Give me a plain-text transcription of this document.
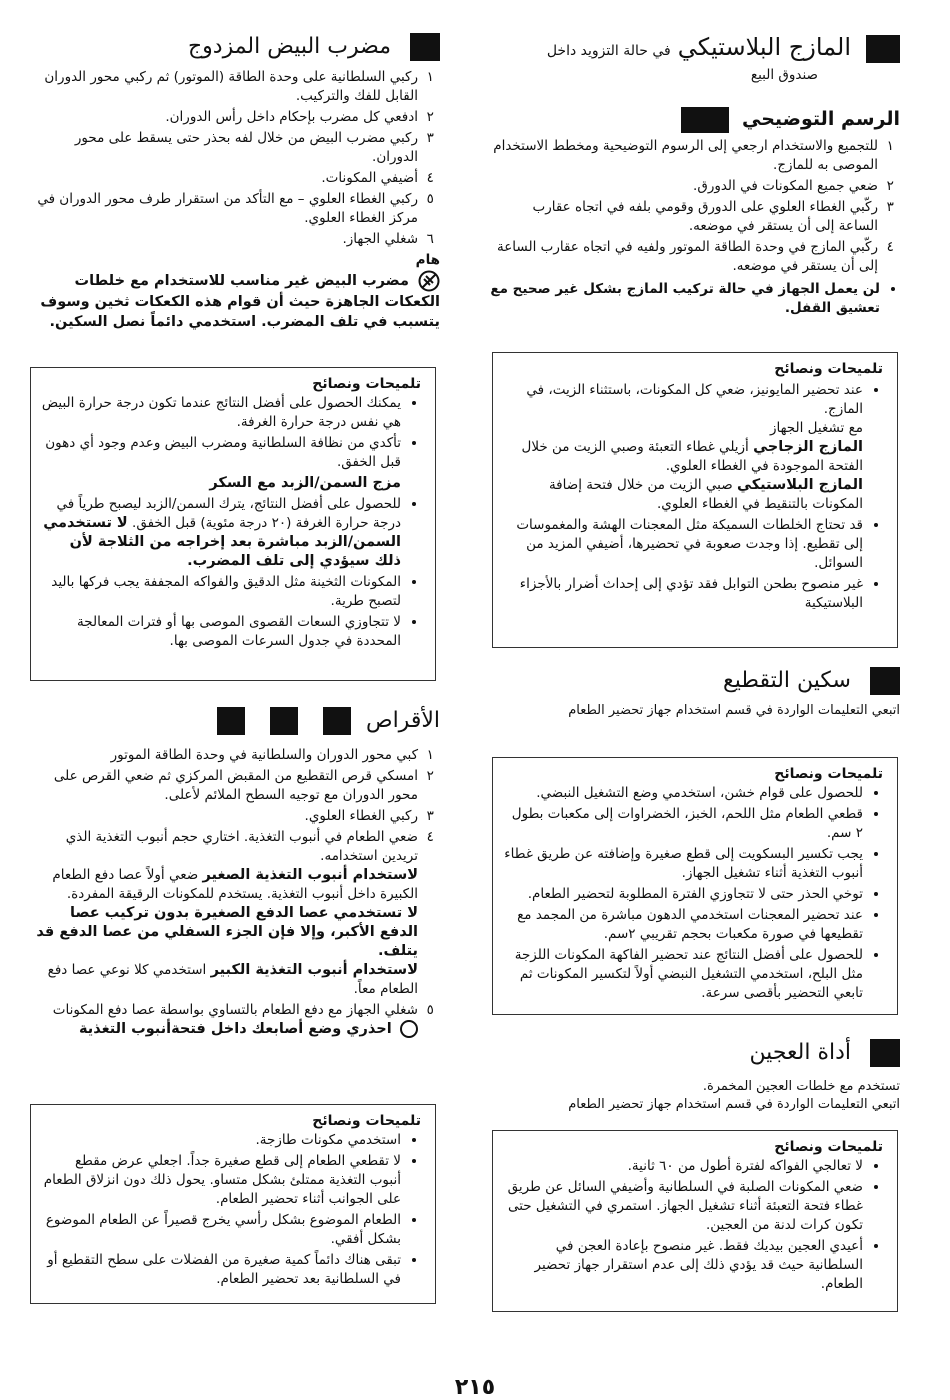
المازج البلاستيكي في حالة التزويد داخل

صندوق البيع

الرسم التوضيحي
1. للتجميع والاستخدام ارجعي إلى الرسوم التوضيحية ومخطط الاستخدام الموصى به للمازج.
2. ضعي جميع المكونات في الدورق.
3. ركّبي الغطاء العلوي على الدورق وقومي بلفه في اتجاه عقارب الساعة إلى أن يستقر في موضعه.
4. ركّبي المازج في وحدة الطاقة الموتور ولفيه في اتجاه عقارب الساعة إلى أن يستقر في موضعه.
• لن يعمل الجهاز في حالة تركيب المازج بشكل غير صحيح مع تعشيق القفل.
تلميحات ونصائح
• عند تحضير المايونيز، ضعي كل المكونات، باستثناء الزيت، في المازج.
مع تشغيل الجهاز
المازج الزجاجي أزيلي غطاء التعبئة وصبي الزيت من خلال الفتحة الموجودة في الغطاء العلوي.
المازج البلاستيكي صبي الزيت من خلال فتحة إضافة المكونات بالتنقيط في الغطاء العلوي.
• قد تحتاج الخلطات السميكة مثل المعجنات الهشة والمغموسات إلى تقطيع. إذا وجدت صعوبة في تحضيرها، أضيفي المزيد من السوائل.
• غير منصوح بطحن التوابل فقد تؤدي إلى إحداث أضرار بالأجزاء البلاستيكية
سكين التقطيع

اتبعي التعليمات الواردة في قسم استخدام جهاز تحضير الطعام

تلميحات ونصائح
• للحصول على قوام خشن، استخدمي وضع التشغيل النبضي.
• قطعي الطعام مثل اللحم، الخبز، الخضراوات إلى مكعبات بطول ٢ سم.
• يجب تكسير البسكويت إلى قطع صغيرة وإضافته عن طريق غطاء أنبوب التغذية أثناء تشغيل الجهاز.
• توخي الحذر حتى لا تتجاوزي الفترة المطلوبة لتحضير الطعام.
• عند تحضير المعجنات استخدمي الدهون مباشرة من المجمد مع تقطيعها في صورة مكعبات بحجم تقريبي ٢سم.
• للحصول على أفضل النتائج عند تحضير الفاكهة المكونات اللزجة مثل البلح، استخدمي التشغيل النبضي أولاً لتكسير المكونات ثم تابعي التحضير بأقصى سرعة.
أداة العجين

تستخدم مع خلطات العجين المخمرة.

اتبعي التعليمات الواردة في قسم استخدام جهاز تحضير الطعام

تلميحات ونصائح
• لا تعالجي الفواكه لفترة أطول من ٦٠ ثانية.
• ضعي المكونات الصلبة في السلطانية وأضيفي السائل عن طريق غطاء فتحة التعبئة أثناء تشغيل الجهاز. استمري في التشغيل حتى تكون كرات لدنة من العجين.
• أعيدي العجين بيديك فقط. غير منصوح بإعادة العجن في السلطانية حيث قد يؤدي ذلك إلى عدم استقرار جهاز تحضير الطعام.
مضرب البيض المزدوج
1. ركبي السلطانية على وحدة الطاقة (الموتور) ثم ركبي محور الدوران القابل للفك والتركيب.
2. ادفعي كل مضرب بإحكام داخل رأس الدوران.
3. ركبي مضرب البيض من خلال لفه بحذر حتى يسقط على محور الدوران.
4. أضيفي المكونات.
5. ركبي الغطاء العلوي – مع التأكد من استقرار طرف محور الدوران في مركز الغطاء العلوي.
6. شغلي الجهاز.

هام

مضرب البيض غير مناسب للاستخدام مع خلطات الكعكات الجاهزة حيث أن قوام هذه الكعكات ثخين وسوف يتسبب في تلف المضرب. استخدمي دائماً نصل السكين.

تلميحات ونصائح
• يمكنك الحصول على أفضل النتائج عندما تكون درجة حرارة البيض هي نفس درجة حرارة الغرفة.
• تأكدي من نظافة السلطانية ومضرب البيض وعدم وجود أي دهون قبل الخفق.

مزج السمن/الزبد مع السكر

• للحصول على أفضل النتائج، يترك السمن/الزبد ليصبح طرياً في درجة حرارة الغرفة (٢٠ درجة مئوية) قبل الخفق. لا تستخدمي السمن/الزبد مباشرة بعد إخراجه من الثلاجة لأن ذلك سيؤدي إلى تلف المضرب.
• المكونات الثخينة مثل الدقيق والفواكه المجففة يجب فركها باليد لتصبح طرية.
• لا تتجاوزي السعات القصوى الموصى بها أو فترات المعالجة المحددة في جدول السرعات الموصى بها.
الأقراص
1. كبي محور الدوران والسلطانية في وحدة الطاقة الموتور
2. امسكي قرص التقطيع من المقبض المركزي ثم ضعي القرص على محور الدوران مع توجيه السطح الملائم لأعلى.
3. ركبي الغطاء العلوي.
4. ضعي الطعام في أنبوب التغذية. اختاري حجم أنبوب التغذية الذي تريدين استخدامه.
لاستخدام أنبوب التغذية الصغير ضعي أولاً عصا دفع الطعام الكبيرة داخل أنبوب التغذية. يستخدم للمكونات الرقيقة المفردة.
لا تستخدمي عصا الدفع الصغيرة بدون تركيب عصا الدفع الأكبر، وإلا فإن الجزء السفلي من عصا الدفع قد يتلف.
لاستخدام أنبوب التغذية الكبير استخدمي كلا نوعي عصا دفع الطعام معاً.
5. شغلي الجهاز مع دفع الطعام بالتساوي بواسطة عصا دفع المكونات
احذري وضع أصابعك داخل فتحةأنبوب التغذية
تلميحات ونصائح
• استخدمي مكونات طازجة.
• لا تقطعي الطعام إلى قطع صغيرة جداً. اجعلي عرض مقطع أنبوب التغذية ممتلئ بشكل متساو. يحول ذلك دون انزلاق الطعام على الجوانب أثناء تحضير الطعام.
• الطعام الموضوع بشكل رأسي يخرج قصيراً عن الطعام الموضوع بشكل أفقي.
• تبقى هناك دائماً كمية صغيرة من الفضلات على سطح التقطيع أو في السلطانية بعد تحضير الطعام.
٢١٥
